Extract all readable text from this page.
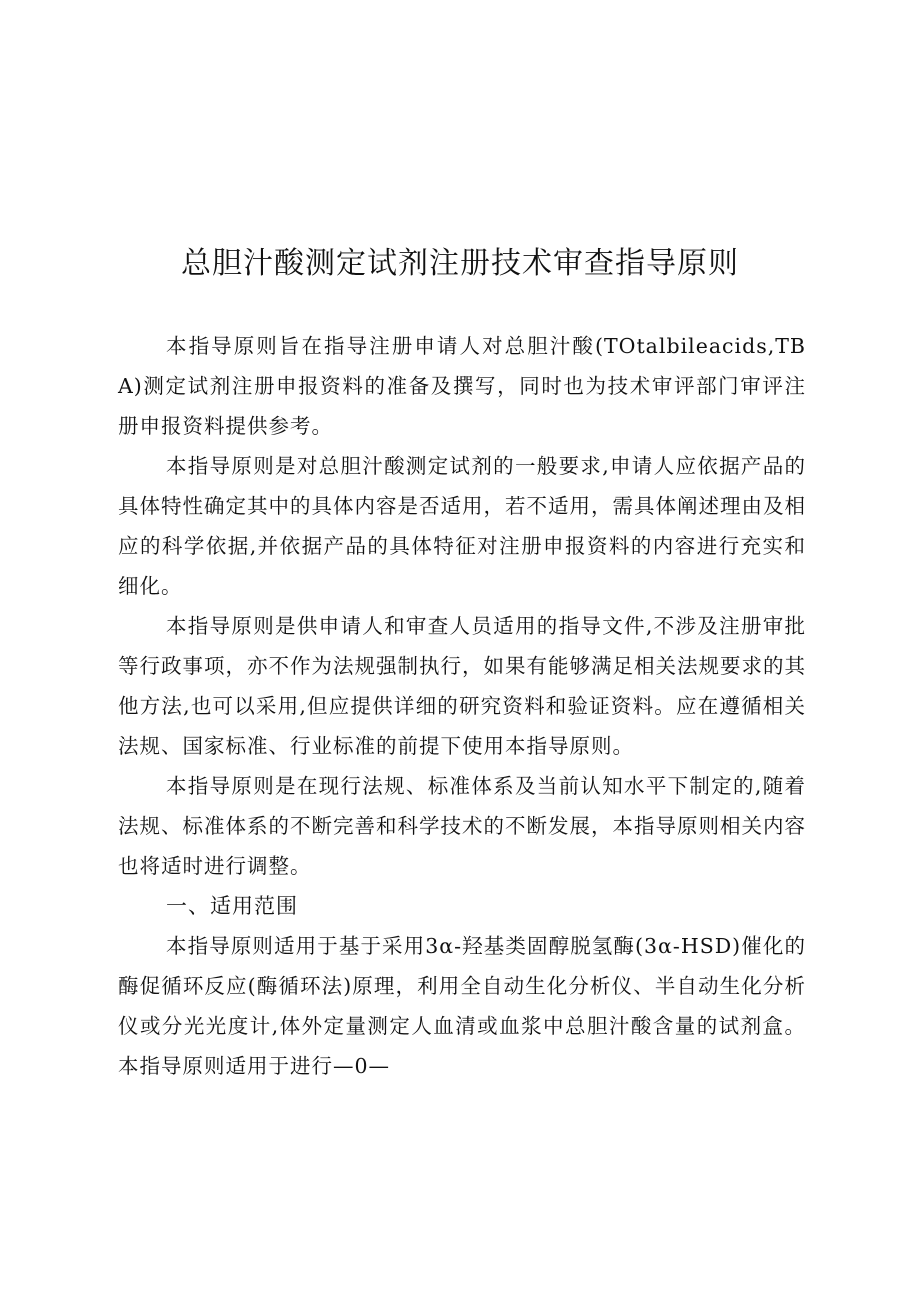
总胆汁酸测定试剂注册技术审查指导原则

本指导原则旨在指导注册申请人对总胆汁酸(TOtalbileacids,TBA)测定试剂注册申报资料的准备及撰写，同时也为技术审评部门审评注册申报资料提供参考。

本指导原则是对总胆汁酸测定试剂的一般要求,申请人应依据产品的具体特性确定其中的具体内容是否适用，若不适用，需具体阐述理由及相应的科学依据,并依据产品的具体特征对注册申报资料的内容进行充实和细化。

本指导原则是供申请人和审查人员适用的指导文件,不涉及注册审批等行政事项，亦不作为法规强制执行，如果有能够满足相关法规要求的其他方法,也可以采用,但应提供详细的研究资料和验证资料。应在遵循相关法规、国家标准、行业标准的前提下使用本指导原则。

本指导原则是在现行法规、标准体系及当前认知水平下制定的,随着法规、标准体系的不断完善和科学技术的不断发展，本指导原则相关内容也将适时进行调整。

一、适用范围

本指导原则适用于基于采用3α-羟基类固醇脱氢酶(3α-HSD)催化的酶促循环反应(酶循环法)原理，利用全自动生化分析仪、半自动生化分析仪或分光光度计,体外定量测定人血清或血浆中总胆汁酸含量的试剂盒。本指导原则适用于进行—0—
